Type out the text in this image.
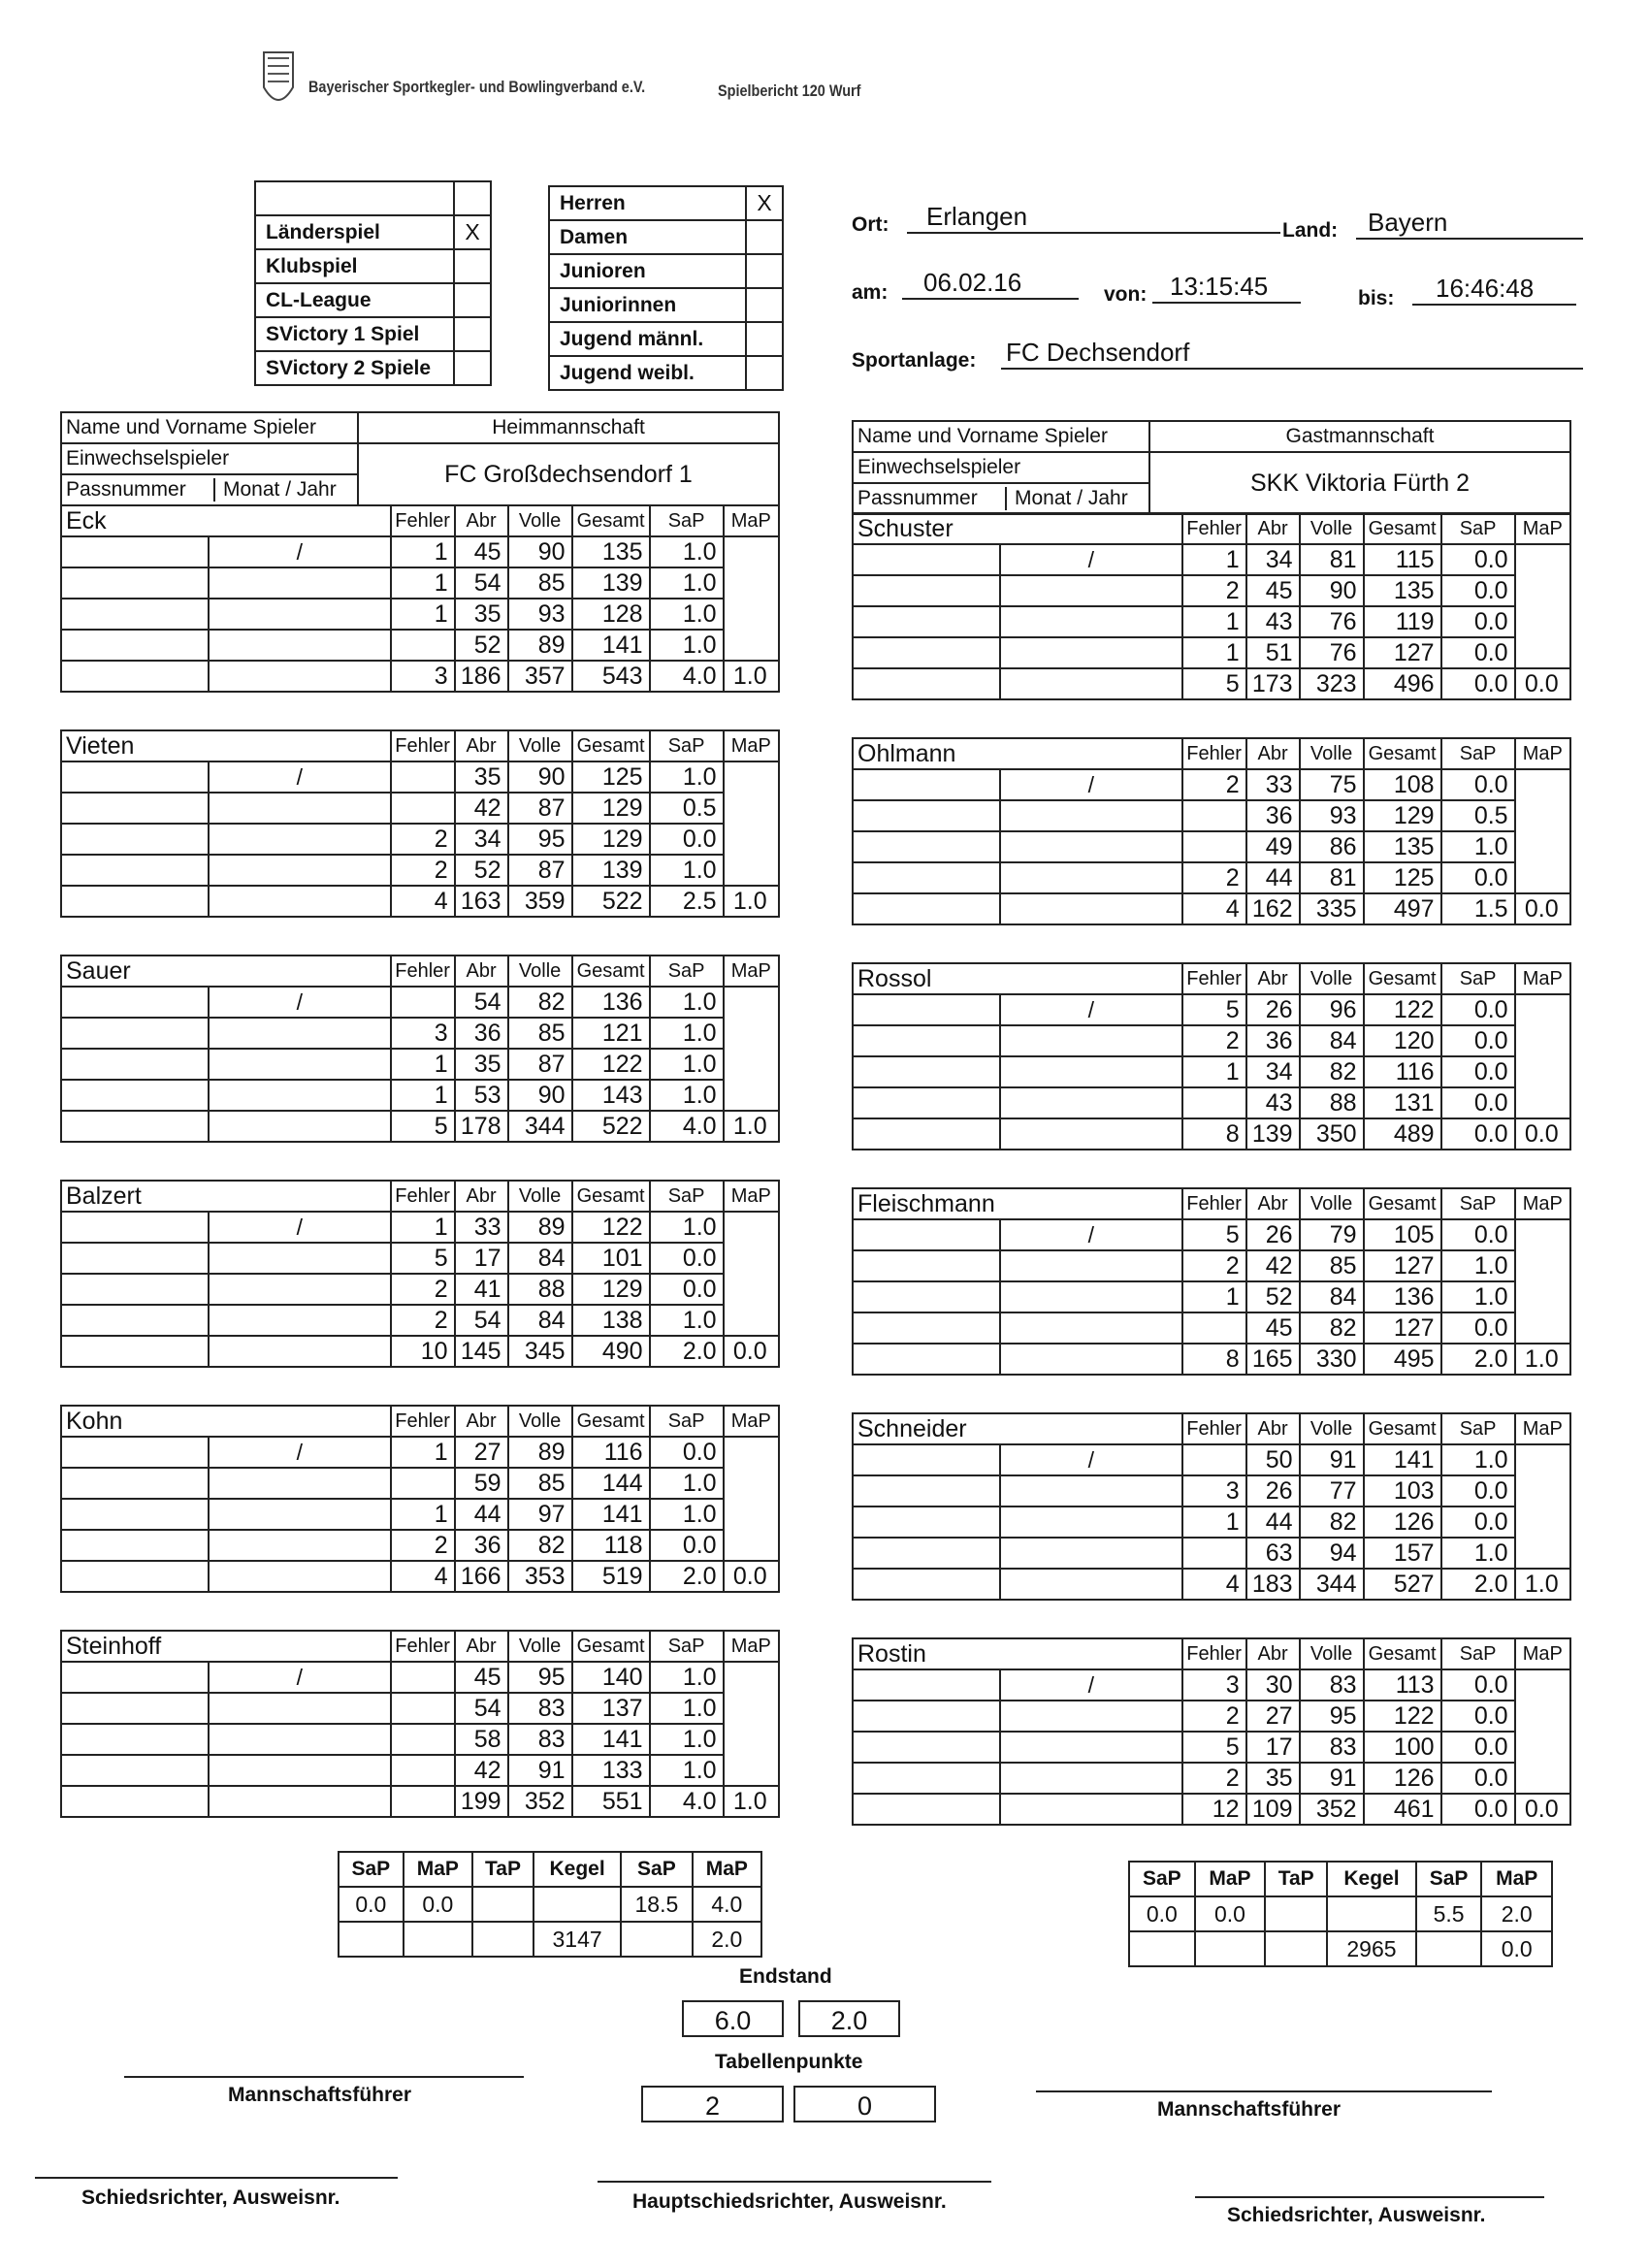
Bayerischer Sportkegler- und Bowlingverband e.V.	Spielbericht 120 Wurf

Länderspiel	X
Klubspiel	
CL-League	
SVictory 1 Spiel	
SVictory 2 Spiele	
Herren	X
Damen	
Junioren	
Juniorinnen	
Jugend männl.	
Jugend weibl.	
Ort:	Erlangen	Land:	Bayern
am:	06.02.16	von: 13:15:45	bis:	16:46:48
Sportanlage: FC Dechsendorf
Name und Vorname Spieler	Heimmannschaft
Einwechselspieler	FC Großdechsendorf 1

Passnummer Monat / Jahr	
Name und Vorname Spieler	Gastmannschaft
Einwechselspieler	SKK Viktoria Fürth 2

Passnummer Monat / Jahr	
Eck		Fehler	Abr	Volle	Gesamt	SaP	MaP
	/	1	45	90	135	1.0	
		1	54	85	139	1.0	
		1	35	93	128	1.0	
			52	89	141	1.0	
		3	186	357	543	4.0	1.0
Vieten		Fehler	Abr	Volle	Gesamt	SaP	MaP
	/		35	90	125	1.0	
			42	87	129	0.5	
		2	34	95	129	0.0	
		2	52	87	139	1.0	
		4	163	359	522	2.5	1.0
Sauer		Fehler	Abr	Volle	Gesamt	SaP	MaP
	/		54	82	136	1.0	
		3	36	85	121	1.0	
		1	35	87	122	1.0	
		1	53	90	143	1.0	
		5	178	344	522	4.0	1.0
Balzert		Fehler	Abr	Volle	Gesamt	SaP	MaP
	/	1	33	89	122	1.0	
		5	17	84	101	0.0	
		2	41	88	129	0.0	
		2	54	84	138	1.0	
		10	145	345	490	2.0	0.0
Kohn		Fehler	Abr	Volle	Gesamt	SaP	MaP
	/	1	27	89	116	0.0	
			59	85	144	1.0	
		1	44	97	141	1.0	
		2	36	82	118	0.0	
		4	166	353	519	2.0	0.0
Steinhoff		Fehler	Abr	Volle	Gesamt	SaP	MaP
	/		45	95	140	1.0	
			54	83	137	1.0	
			58	83	141	1.0	
			42	91	133	1.0	
			199	352	551	4.0	1.0
Schuster		Fehler	Abr	Volle	Gesamt	SaP	MaP
	/	1	34	81	115	0.0	
		2	45	90	135	0.0	
		1	43	76	119	0.0	
		1	51	76	127	0.0	
		5	173	323	496	0.0	0.0
Ohlmann		Fehler	Abr	Volle	Gesamt	SaP	MaP
	/	2	33	75	108	0.0	
			36	93	129	0.5	
			49	86	135	1.0	
		2	44	81	125	0.0	
		4	162	335	497	1.5	0.0
Rossol		Fehler	Abr	Volle	Gesamt	SaP	MaP
	/	5	26	96	122	0.0	
		2	36	84	120	0.0	
		1	34	82	116	0.0	
			43	88	131	0.0	
		8	139	350	489	0.0	0.0
Fleischmann		Fehler	Abr	Volle	Gesamt	SaP	MaP
	/	5	26	79	105	0.0	
		2	42	85	127	1.0	
		1	52	84	136	1.0	
			45	82	127	0.0	
		8	165	330	495	2.0	1.0
Schneider		Fehler	Abr	Volle	Gesamt	SaP	MaP
	/		50	91	141	1.0	
		3	26	77	103	0.0	
		1	44	82	126	0.0	
			63	94	157	1.0	
		4	183	344	527	2.0	1.0
Rostin		Fehler	Abr	Volle	Gesamt	SaP	MaP
	/	3	30	83	113	0.0	
		2	27	95	122	0.0	
		5	17	83	100	0.0	
		2	35	91	126	0.0	
		12	109	352	461	0.0	0.0
SaP	MaP	TaP	Kegel	SaP	MaP
0.0	0.0			18.5	4.0
			3147		2.0
SaP	MaP	TaP	Kegel	SaP	MaP
0.0	0.0			5.5	2.0
			2965		0.0
Endstand
6.0	2.0
Tabellenpunkte
2	0
Mannschaftsführer
Mannschaftsführer
Schiedsrichter, Ausweisnr.	Hauptschiedsrichter, Ausweisnr.
Schiedsrichter, Ausweisnr.
